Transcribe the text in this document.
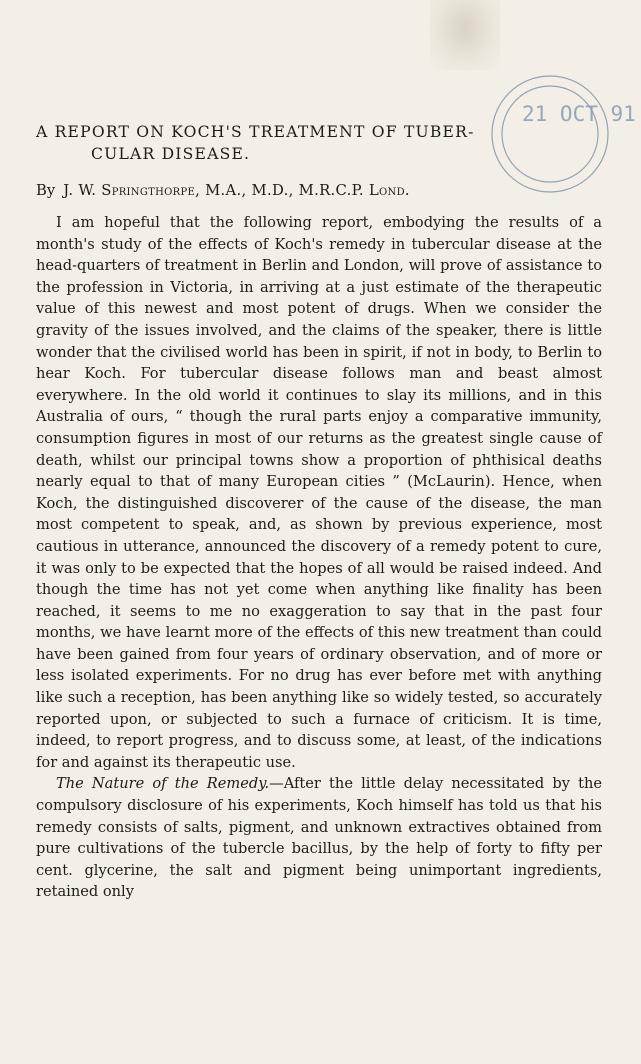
21 OCT 91
A REPORT ON KOCH'S TREATMENT OF TUBER-
CULAR DISEASE.
By J. W. Springthorpe, M.A., M.D., M.R.C.P. Lond.

I am hopeful that the following report, embodying the results of a month's study of the effects of Koch's remedy in tubercular disease at the head-quarters of treatment in Berlin and London, will prove of assistance to the profession in Victoria, in arriving at a just estimate of the therapeutic value of this newest and most potent of drugs. When we consider the gravity of the issues involved, and the claims of the speaker, there is little wonder that the civilised world has been in spirit, if not in body, to Berlin to hear Koch. For tubercular disease follows man and beast almost everywhere. In the old world it continues to slay its millions, and in this Australia of ours, “ though the rural parts enjoy a comparative immunity, consumption figures in most of our returns as the greatest single cause of death, whilst our principal towns show a proportion of phthisical deaths nearly equal to that of many European cities ” (McLaurin). Hence, when Koch, the distinguished discoverer of the cause of the disease, the man most competent to speak, and, as shown by previous experience, most cautious in utterance, announced the discovery of a remedy potent to cure, it was only to be expected that the hopes of all would be raised indeed. And though the time has not yet come when anything like finality has been reached, it seems to me no exaggeration to say that in the past four months, we have learnt more of the effects of this new treatment than could have been gained from four years of ordinary observation, and of more or less isolated experiments. For no drug has ever before met with anything like such a reception, has been anything like so widely tested, so accurately reported upon, or subjected to such a furnace of criticism. It is time, indeed, to report progress, and to discuss some, at least, of the indications for and against its therapeutic use.

The Nature of the Remedy.—After the little delay necessitated by the compulsory disclosure of his experiments, Koch himself has told us that his remedy consists of salts, pigment, and unknown extractives obtained from pure cultivations of the tubercle bacillus, by the help of forty to fifty per cent. glycerine, the salt and pigment being unimportant ingredients, retained only
